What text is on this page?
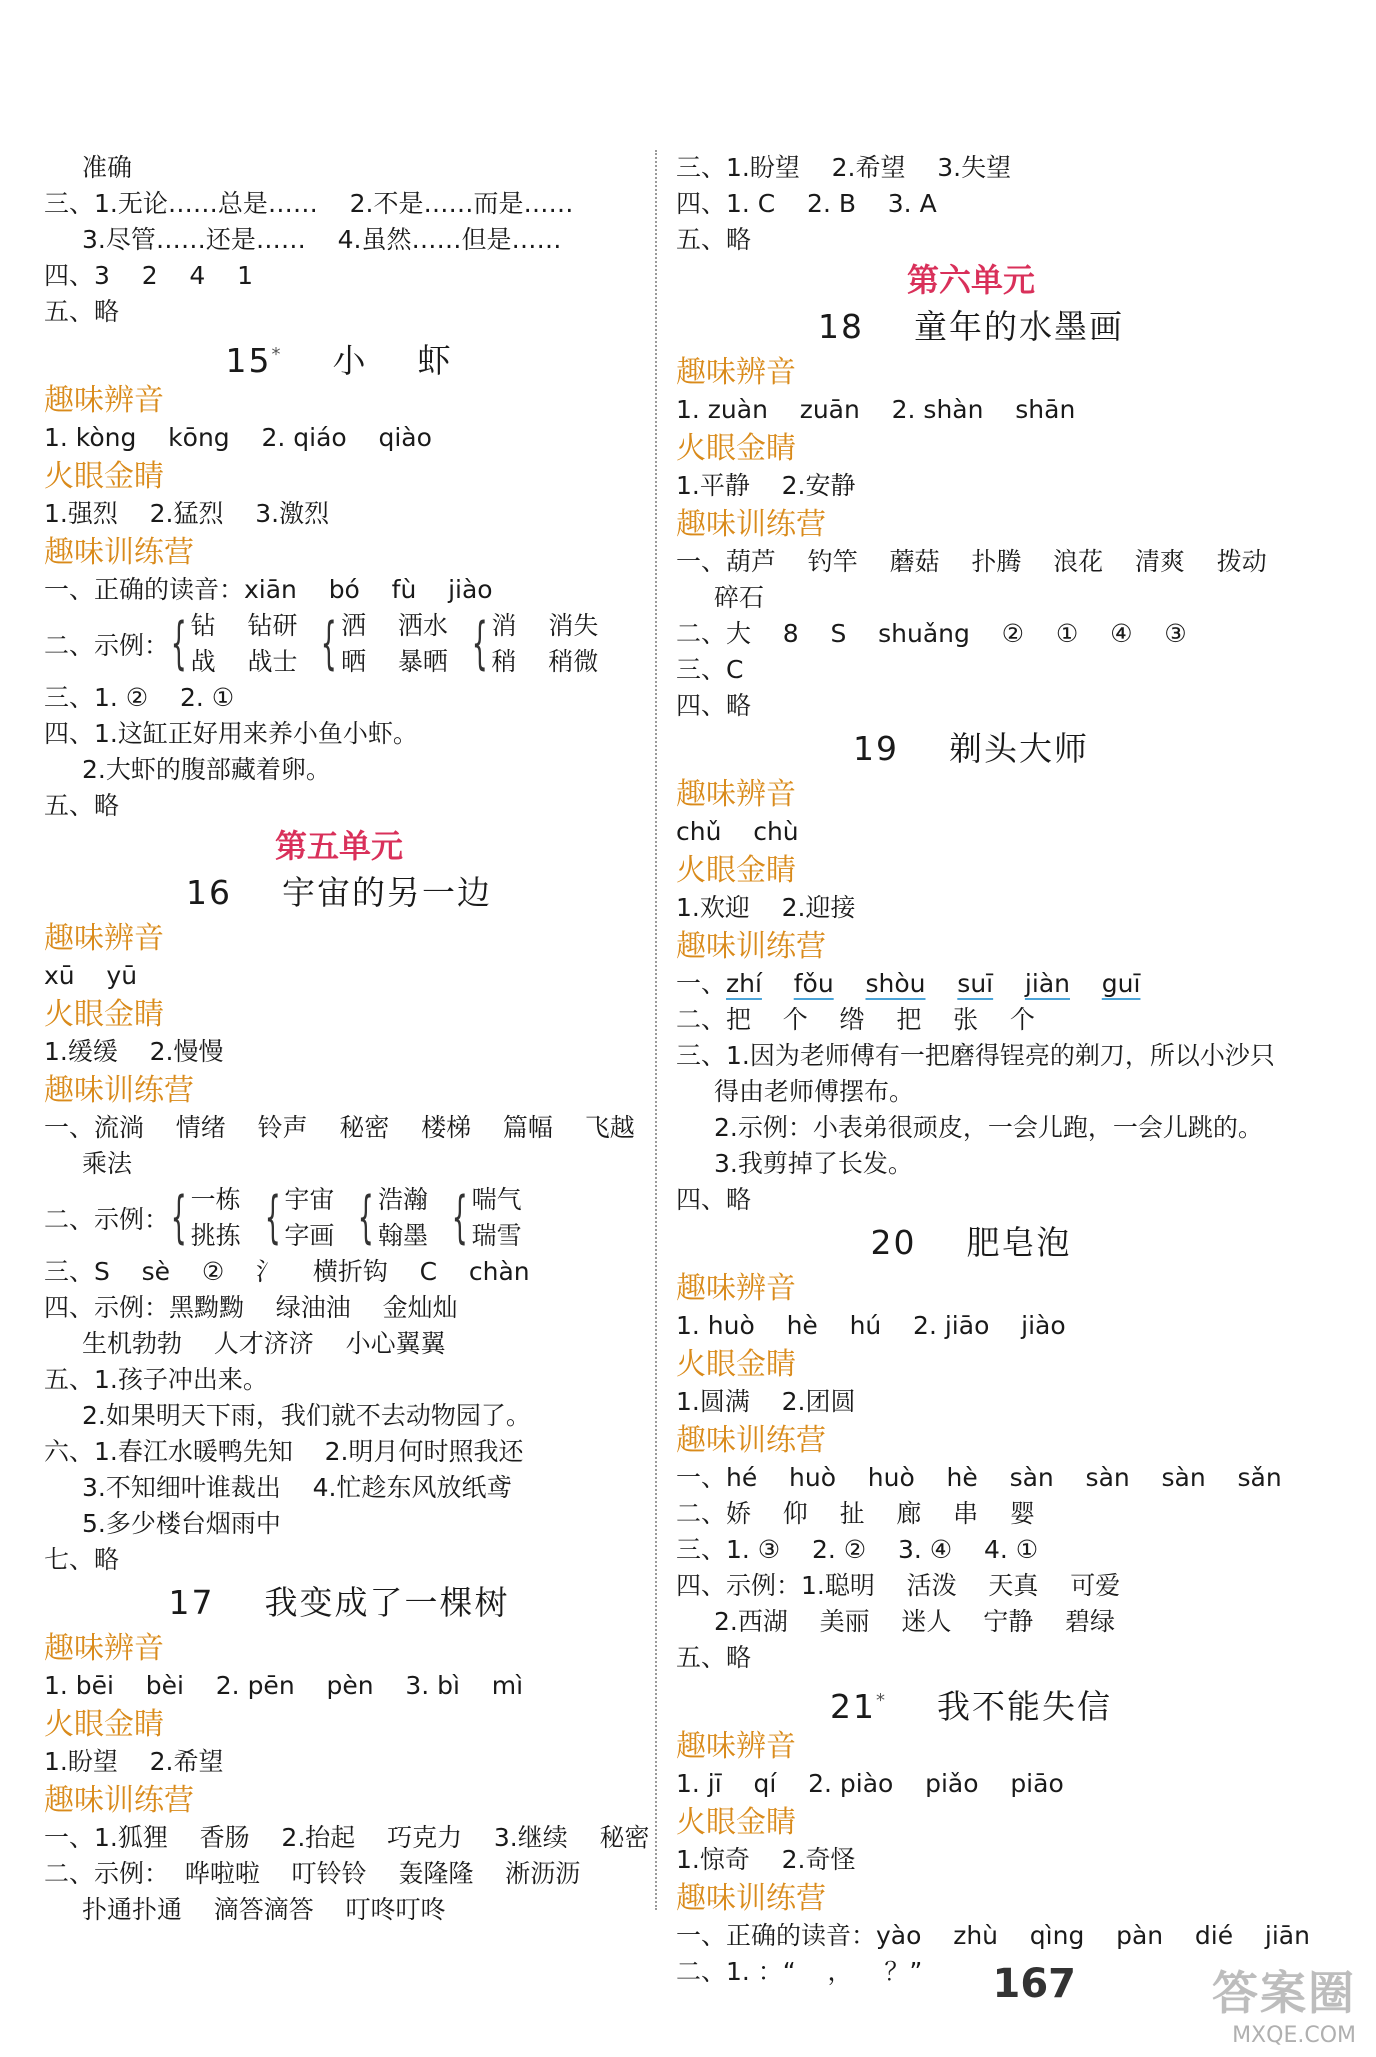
准确
三、1.无论……总是……    2.不是……而是……
3.尽管……还是……    4.虽然……但是……
四、3    2    4    1
五、略
15* 小    虾
趣味辨音
1. kòng    kōng    2. qiáo    qiào
火眼金睛
1.强烈    2.猛烈    3.激烈
趣味训练营
一、正确的读音：xiān    bó    fù    jiào
二、示例： { 钻    钻研
战    战士 { 洒    洒水
晒    暴晒 { 消    消失
稍    稍微
三、1. ②    2. ①
四、1.这缸正好用来养小鱼小虾。
2.大虾的腹部藏着卵。
五、略
第五单元
16 宇宙的另一边
趣味辨音
xū    yū
火眼金睛
1.缓缓    2.慢慢
趣味训练营
一、流淌    情绪    铃声    秘密    楼梯    篇幅    飞越
乘法
二、示例： { 一栋
挑拣 { 宇宙
字画 { 浩瀚
翰墨 { 喘气
瑞雪
三、S    sè    ②    氵    横折钩    C    chàn
四、示例：黑黝黝    绿油油    金灿灿
生机勃勃    人才济济    小心翼翼
五、1.孩子冲出来。
2.如果明天下雨，我们就不去动物园了。
六、1.春江水暖鸭先知    2.明月何时照我还
3.不知细叶谁裁出    4.忙趁东风放纸鸢
5.多少楼台烟雨中
七、略
17 我变成了一棵树
趣味辨音
1. bēi    bèi    2. pēn    pèn    3. bì    mì
火眼金睛
1.盼望    2.希望
趣味训练营
一、1.狐狸    香肠    2.抬起    巧克力    3.继续    秘密
二、示例：  哗啦啦    叮铃铃    轰隆隆    淅沥沥
扑通扑通    滴答滴答    叮咚叮咚
三、1.盼望    2.希望    3.失望
四、1. C    2. B    3. A
五、略
第六单元
18 童年的水墨画
趣味辨音
1. zuàn    zuān    2. shàn    shān
火眼金睛
1.平静    2.安静
趣味训练营
一、葫芦    钓竿    蘑菇    扑腾    浪花    清爽    拨动
碎石
二、大    8    S    shuǎng    ②    ①    ④    ③
三、C
四、略
19 剃头大师
趣味辨音
chǔ    chù
火眼金睛
1.欢迎    2.迎接
趣味训练营
一、zhí fǒu shòu suī jiàn guī
二、把    个    绺    把    张    个
三、1.因为老师傅有一把磨得锃亮的剃刀，所以小沙只
得由老师傅摆布。
2.示例：小表弟很顽皮，一会儿跑，一会儿跳的。
3.我剪掉了长发。
四、略
20 肥皂泡
趣味辨音
1. huò    hè    hú    2. jiāo    jiào
火眼金睛
1.圆满    2.团圆
趣味训练营
一、hé    huò    huò    hè    sàn    sàn    sàn    sǎn
二、娇    仰    扯    廊    串    婴
三、1. ③    2. ②    3. ④    4. ①
四、示例：1.聪明    活泼    天真    可爱
2.西湖    美丽    迷人    宁静    碧绿
五、略
21* 我不能失信
趣味辨音
1. jī    qí    2. piào    piǎo    piāo
火眼金睛
1.惊奇    2.奇怪
趣味训练营
一、正确的读音：yào    zhù    qìng    pàn    dié    jiān
二、1. ：“    ，    ？”	167	答案圈
MXQE.COM
